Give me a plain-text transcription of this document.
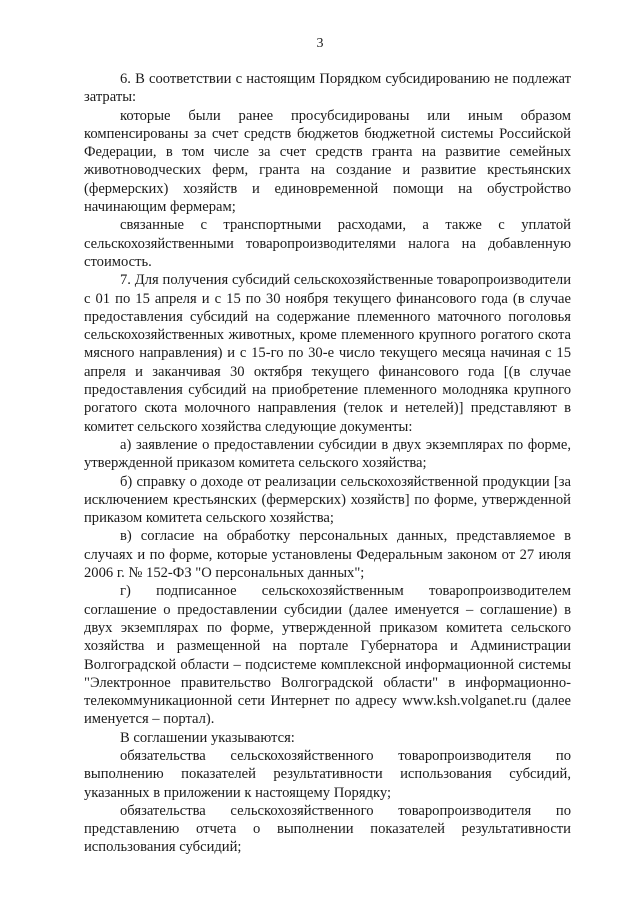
3

6. В соответствии с настоящим Порядком субсидированию не подлежат затраты:

которые были ранее просубсидированы или иным образом компенсированы за счет средств бюджетов бюджетной системы Российской Федерации, в том числе за счет средств гранта на развитие семейных животноводческих ферм, гранта на создание и развитие крестьянских (фермерских) хозяйств и единовременной помощи на обустройство начинающим фермерам;

связанные с транспортными расходами, а также с уплатой сельскохозяйственными товаропроизводителями налога на добавленную стоимость.

7. Для получения субсидий сельскохозяйственные товаропроизводители с 01 по 15 апреля и с 15 по 30 ноября текущего финансового года (в случае предоставления субсидий на содержание племенного маточного поголовья сельскохозяйственных животных, кроме племенного крупного рогатого скота мясного направления) и с 15-го по 30-е число текущего месяца начиная с 15 апреля и заканчивая 30 октября текущего финансового года [(в случае предоставления субсидий на приобретение племенного молодняка крупного рогатого скота молочного направления (телок и нетелей)] представляют в комитет сельского хозяйства следующие документы:

а) заявление о предоставлении субсидии в двух экземплярах по форме, утвержденной приказом комитета сельского хозяйства;

б) справку о доходе от реализации сельскохозяйственной продукции [за исключением крестьянских (фермерских) хозяйств] по форме, утвержденной приказом комитета сельского хозяйства;

в) согласие на обработку персональных данных, представляемое в случаях и по форме, которые установлены Федеральным законом от 27 июля 2006 г. № 152-ФЗ "О персональных данных";

г) подписанное сельскохозяйственным товаропроизводителем соглашение о предоставлении субсидии (далее именуется – соглашение) в двух экземплярах по форме, утвержденной приказом комитета сельского хозяйства и размещенной на портале Губернатора и Администрации Волгоградской области – подсистеме комплексной информационной системы "Электронное правительство Волгоградской области" в информационно-телекоммуникационной сети Интернет по адресу www.ksh.volganet.ru (далее именуется – портал).

В соглашении указываются:

обязательства сельскохозяйственного товаропроизводителя по выполнению показателей результативности использования субсидий, указанных в приложении к настоящему Порядку;

обязательства сельскохозяйственного товаропроизводителя по представлению отчета о выполнении показателей результативности использования субсидий;
